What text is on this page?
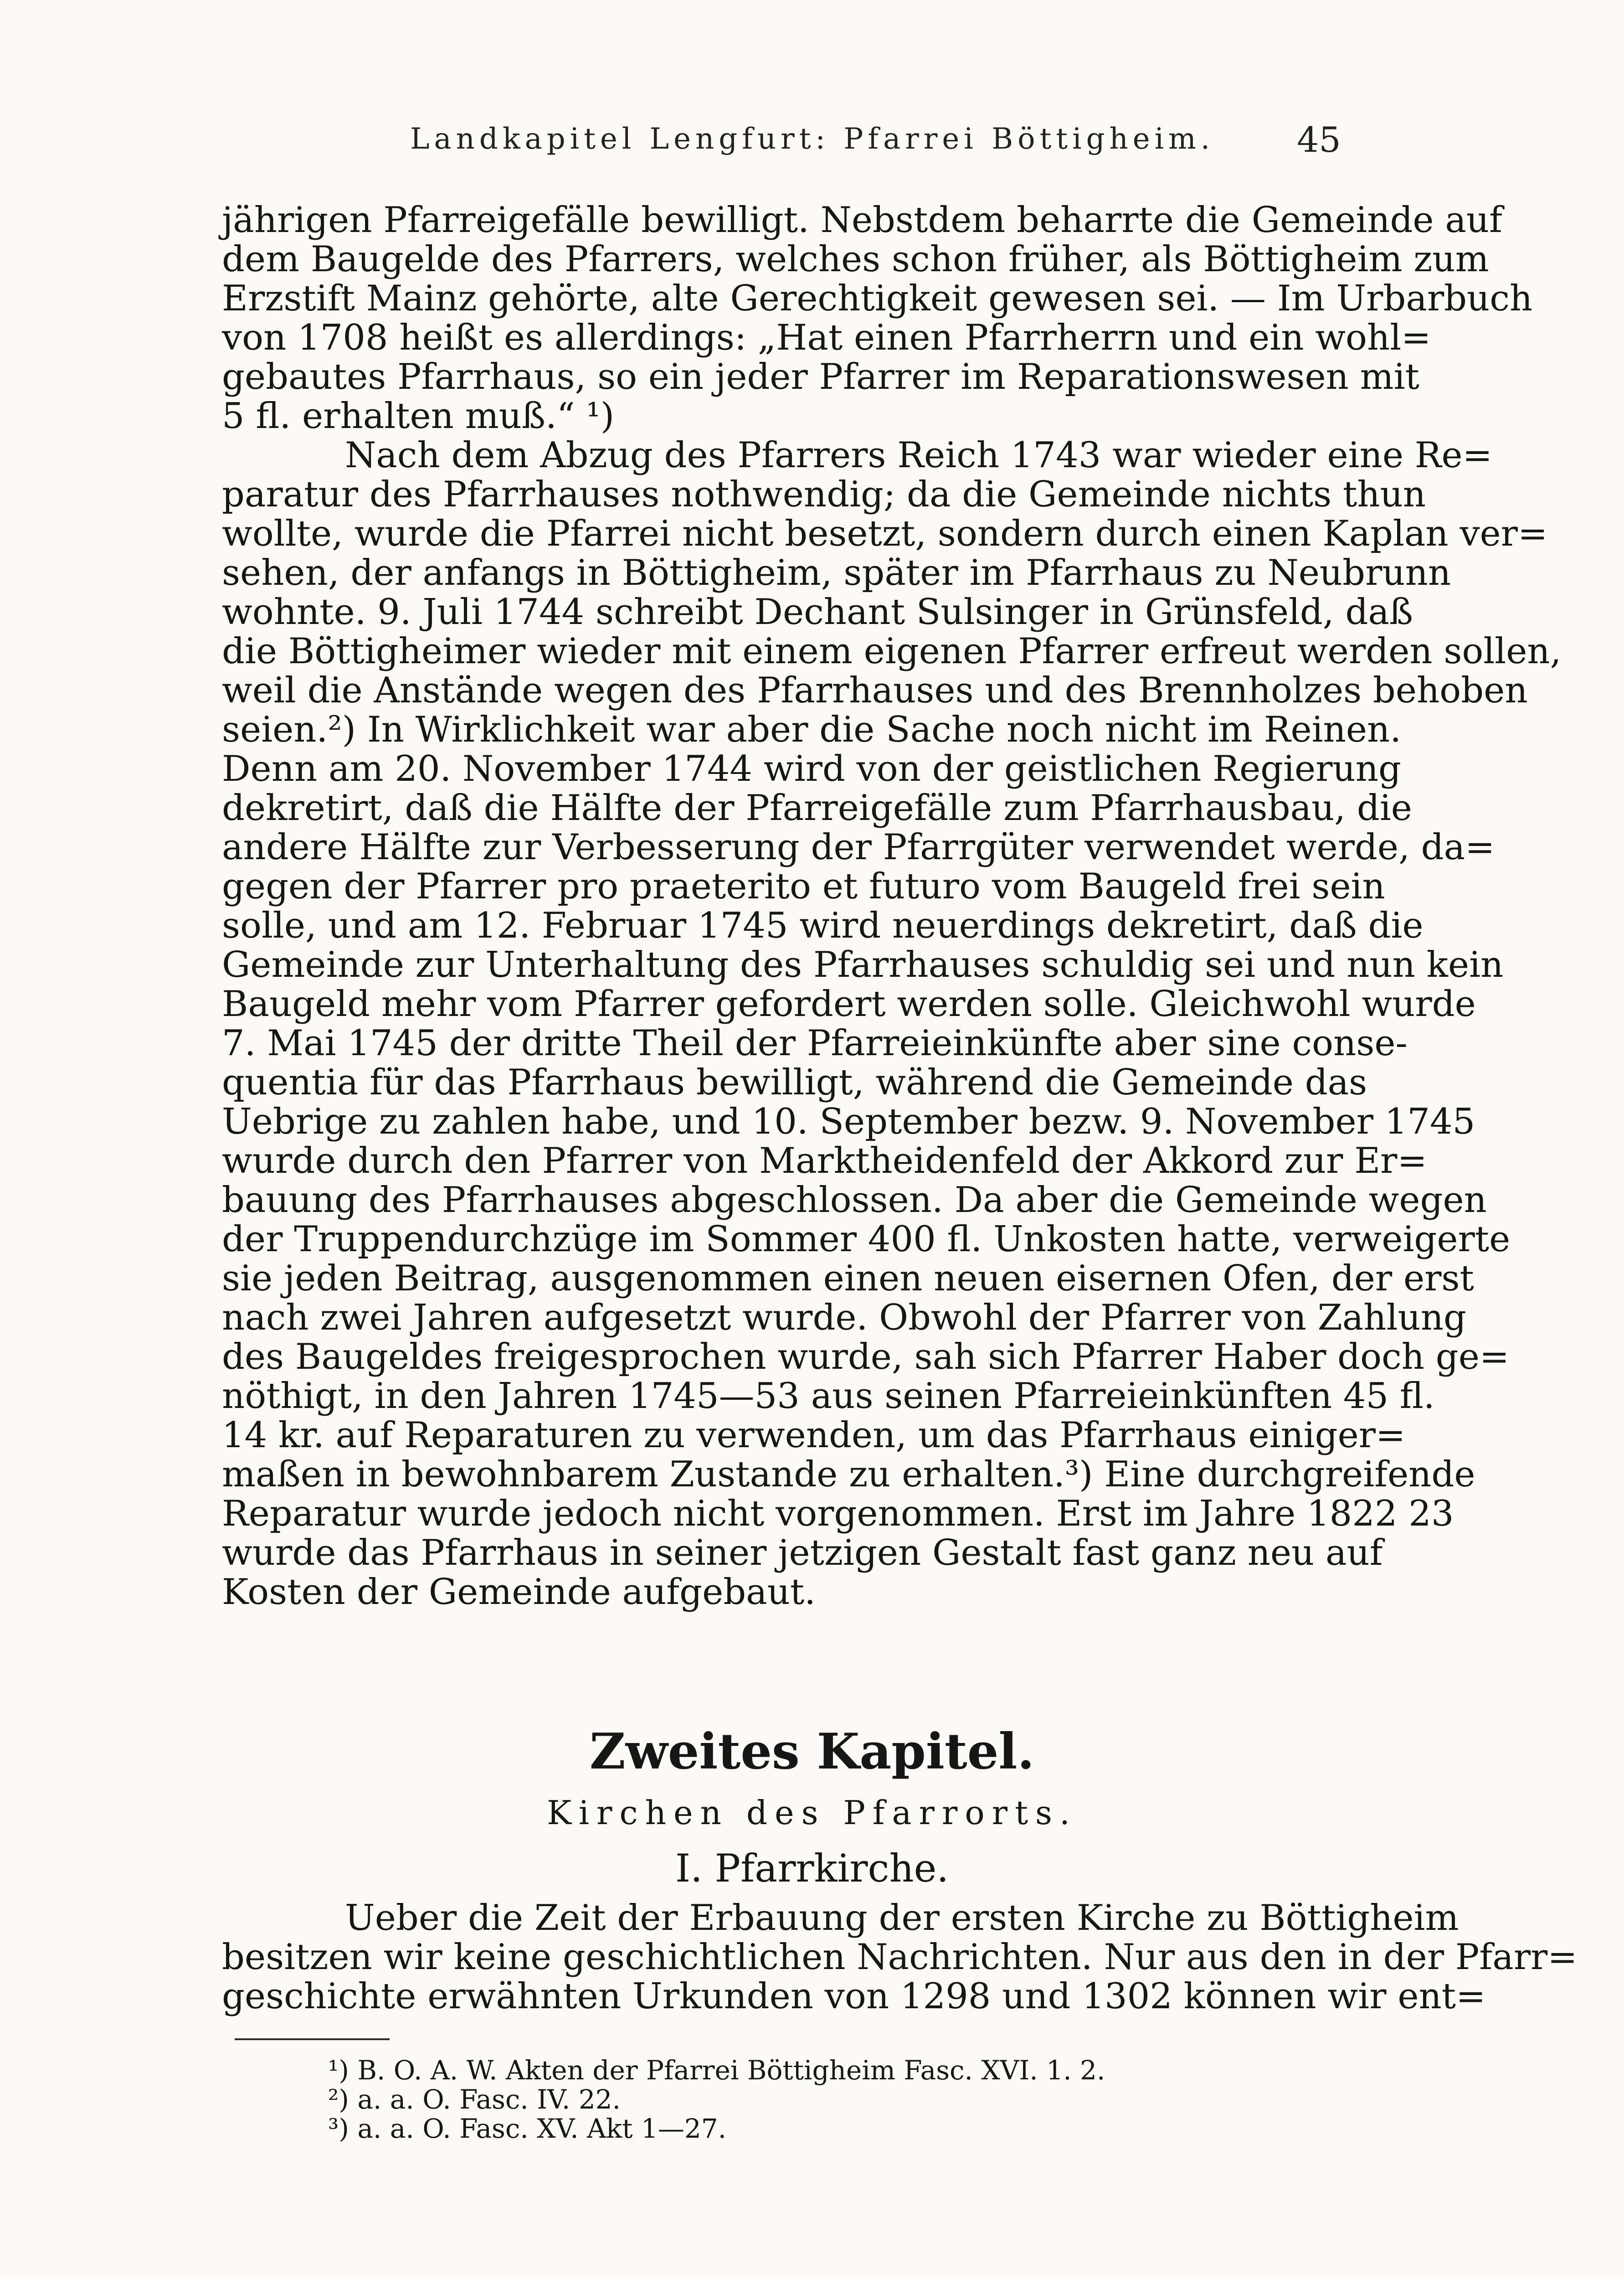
Landkapitel Lengfurt: Pfarrei Böttigheim. 45
jährigen Pfarreigefälle bewilligt. Nebstdem beharrte die Gemeinde auf
dem Baugelde des Pfarrers, welches schon früher, als Böttigheim zum
Erzstift Mainz gehörte, alte Gerechtigkeit gewesen sei. — Im Urbarbuch
von 1708 heißt es allerdings: „Hat einen Pfarrherrn und ein wohl=
gebautes Pfarrhaus, so ein jeder Pfarrer im Reparationswesen mit
5 fl. erhalten muß.“ ¹)
Nach dem Abzug des Pfarrers Reich 1743 war wieder eine Re=
paratur des Pfarrhauses nothwendig; da die Gemeinde nichts thun
wollte, wurde die Pfarrei nicht besetzt, sondern durch einen Kaplan ver=
sehen, der anfangs in Böttigheim, später im Pfarrhaus zu Neubrunn
wohnte. 9. Juli 1744 schreibt Dechant Sulsinger in Grünsfeld, daß
die Böttigheimer wieder mit einem eigenen Pfarrer erfreut werden sollen,
weil die Anstände wegen des Pfarrhauses und des Brennholzes behoben
seien.²) In Wirklichkeit war aber die Sache noch nicht im Reinen.
Denn am 20. November 1744 wird von der geistlichen Regierung
dekretirt, daß die Hälfte der Pfarreigefälle zum Pfarrhausbau, die
andere Hälfte zur Verbesserung der Pfarrgüter verwendet werde, da=
gegen der Pfarrer pro praeterito et futuro vom Baugeld frei sein
solle, und am 12. Februar 1745 wird neuerdings dekretirt, daß die
Gemeinde zur Unterhaltung des Pfarrhauses schuldig sei und nun kein
Baugeld mehr vom Pfarrer gefordert werden solle. Gleichwohl wurde
7. Mai 1745 der dritte Theil der Pfarreieinkünfte aber sine conse-
quentia für das Pfarrhaus bewilligt, während die Gemeinde das
Uebrige zu zahlen habe, und 10. September bezw. 9. November 1745
wurde durch den Pfarrer von Marktheidenfeld der Akkord zur Er=
bauung des Pfarrhauses abgeschlossen. Da aber die Gemeinde wegen
der Truppendurchzüge im Sommer 400 fl. Unkosten hatte, verweigerte
sie jeden Beitrag, ausgenommen einen neuen eisernen Ofen, der erst
nach zwei Jahren aufgesetzt wurde. Obwohl der Pfarrer von Zahlung
des Baugeldes freigesprochen wurde, sah sich Pfarrer Haber doch ge=
nöthigt, in den Jahren 1745—53 aus seinen Pfarreieinkünften 45 fl.
14 kr. auf Reparaturen zu verwenden, um das Pfarrhaus einiger=
maßen in bewohnbarem Zustande zu erhalten.³) Eine durchgreifende
Reparatur wurde jedoch nicht vorgenommen. Erst im Jahre 1822 23
wurde das Pfarrhaus in seiner jetzigen Gestalt fast ganz neu auf
Kosten der Gemeinde aufgebaut.
Zweites Kapitel.
Kirchen des Pfarrorts.
I. Pfarrkirche.
Ueber die Zeit der Erbauung der ersten Kirche zu Böttigheim
besitzen wir keine geschichtlichen Nachrichten. Nur aus den in der Pfarr=
geschichte erwähnten Urkunden von 1298 und 1302 können wir ent=
¹) B. O. A. W. Akten der Pfarrei Böttigheim Fasc. XVI. 1. 2.
²) a. a. O. Fasc. IV. 22.
³) a. a. O. Fasc. XV. Akt 1—27.
